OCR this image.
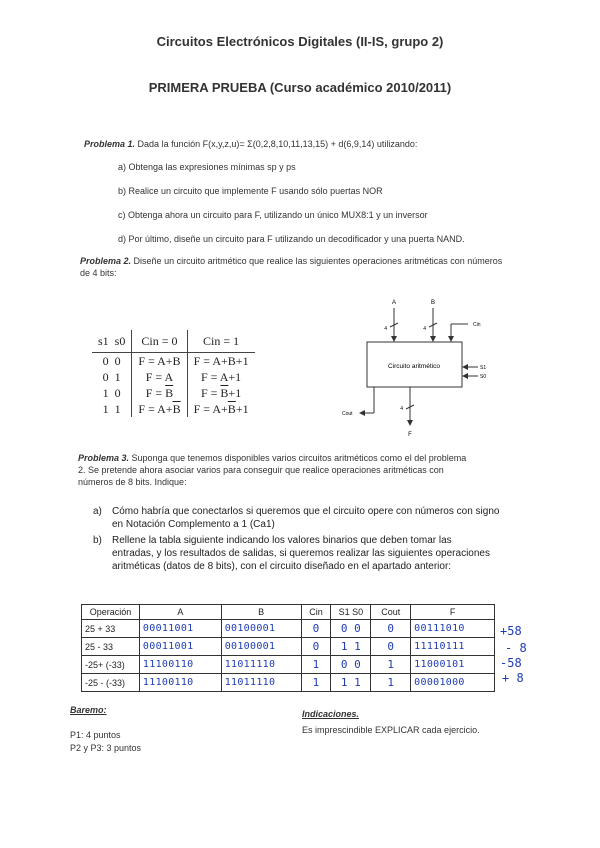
Circuitos Electrónicos Digitales (II-IS, grupo 2)
PRIMERA PRUEBA (Curso académico 2010/2011)
Problema 1. Dada la función F(x,y,z,u)= Σ(0,2,8,10,11,13,15) + d(6,9,14) utilizando:
a) Obtenga las expresiones mínimas sp y ps
b) Realice un circuito que implemente F usando sólo puertas NOR
c) Obtenga ahora un circuito para F, utilizando un único MUX8:1 y un inversor
d) Por último, diseñe un circuito para F utilizando un decodificador y una puerta NAND.
Problema 2. Diseñe un circuito aritmético que realice las siguientes operaciones aritméticas con números de 4 bits:
s1 s0	Cin = 0	Cin = 1
0 0	F = A+B	F = A+B+1
0 1	F = A	F = A+1
1 0	$F = \overline{B}$	$F = \overline{B}+1$
1 1	$F = A+\overline{B}$	$F = A+\overline{B}+1$
Circuito aritmético
A
4
B
4
Cin
S1
S0
4
F
Cout
Problema 3. Suponga que tenemos disponibles varios circuitos aritméticos como el del problema 2. Se pretende ahora asociar varios para conseguir que realice operaciones aritméticas con números de 8 bits. Indique:
a) Cómo habría que conectarlos si queremos que el circuito opere con números con signo en Notación Complemento a 1 (Ca1)
b) Rellene la tabla siguiente indicando los valores binarios que deben tomar las entradas, y los resultados de salidas, si queremos realizar las siguientes operaciones aritméticas (datos de 8 bits), con el circuito diseñado en el apartado anterior:
Operación	A	B	Cin	S1 S0	Cout	F
25 + 33	00011001	00100001	0	0 0	0	00111010
25 - 33	00011001	00100001	0	1 1	0	11110111
-25+ (-33)	11100110	11011110	1	0 0	1	11000101
-25 - (-33)	11100110	11011110	1	1 1	1	00001000
+58
- 8
-58
+ 8
Baremo:
P1: 4 puntos
P2 y P3: 3 puntos
Indicaciones.
Es imprescindible EXPLICAR cada ejercicio.
